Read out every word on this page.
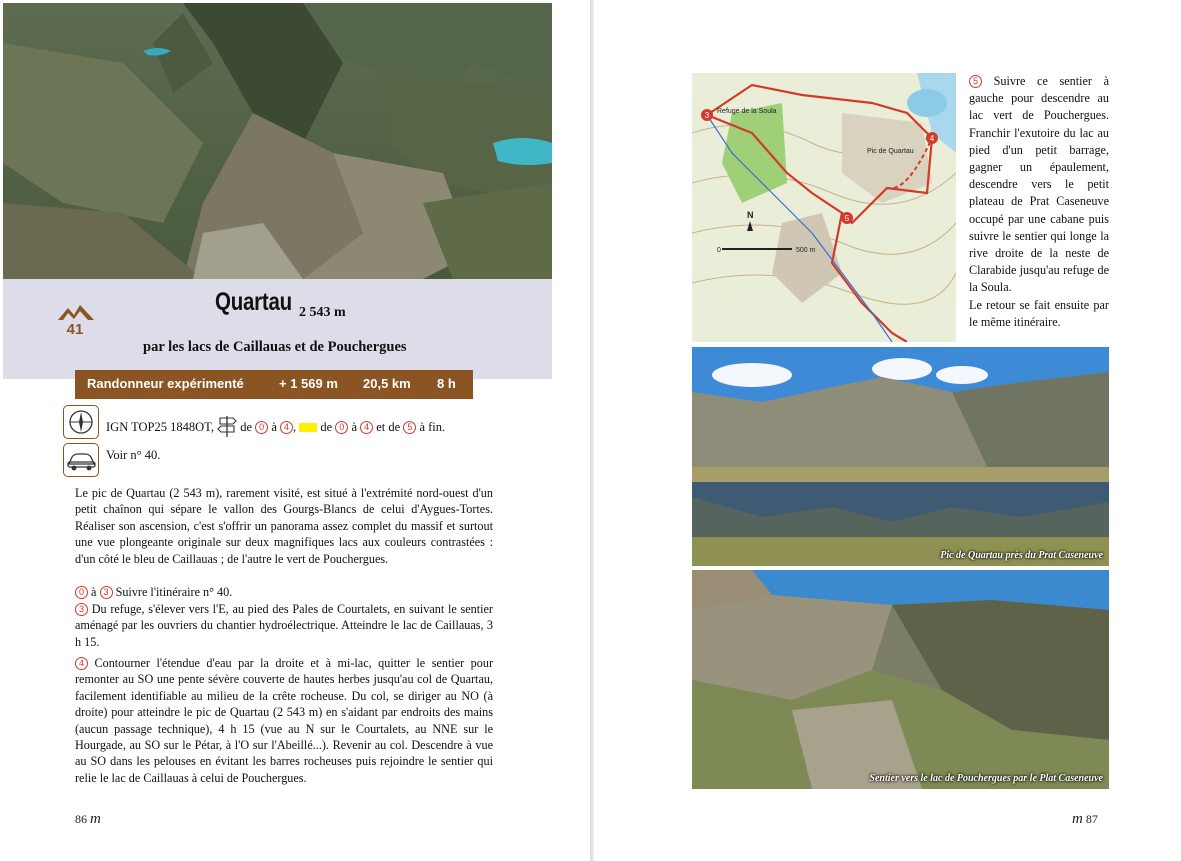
41
Quartau 2 543 m
par les lacs de Caillauas et de Pouchergues
Randonneur expérimenté	+ 1 569 m 20,5 km 8 h
IGN TOP25 1848OT, de 0 à 4 , de 0 à 4 et de 5 à fin.
Voir n° 40.
Le pic de Quartau (2 543 m), rarement visité, est situé à l'extrémité nord-ouest d'un petit chaînon qui sépare le vallon des Gourgs-Blancs de celui d'Aygues-Tortes. Réaliser son ascension, c'est s'offrir un panorama assez complet du massif et surtout une vue plongeante originale sur deux magnifiques lacs aux couleurs contrastées : d'un côté le bleu de Caillauas ; de l'autre le vert de Pouchergues.
0 à 3 Suivre l'itinéraire n° 40.
3 Du refuge, s'élever vers l'E, au pied des Pales de Courtalets, en suivant le sentier aménagé par les ouvriers du chantier hydroélectrique. Atteindre le lac de Caillauas, 3 h 15.
4 Contourner l'étendue d'eau par la droite et à mi-lac, quitter le sentier pour remonter au SO une pente sévère couverte de hautes herbes jusqu'au col de Quartau, facilement identifiable au milieu de la crête rocheuse. Du col, se diriger au NO (à droite) pour atteindre le pic de Quartau (2 543 m) en s'aidant par endroits des mains (aucun passage technique), 4 h 15 (vue au N sur le Courtalets, au NNE sur le Hourgade, au SO sur le Pétar, à l'O sur l'Abeillé...). Revenir au col. Descendre à vue au SO dans les pelouses en évitant les barres rocheuses puis rejoindre le sentier qui relie le lac de Caillauas à celui de Pouchergues.
86 m
3
4
5
Refuge de la Soula
Pic de Quartau
N
0	500 m
5 Suivre ce sentier à gauche pour descendre au lac vert de Pouchergues. Franchir l'exutoire du lac au pied d'un petit barrage, gagner un épaulement, descendre vers le petit plateau de Prat Caseneuve occupé par une cabane puis suivre le sentier qui longe la rive droite de la neste de Clarabide jusqu'au refuge de la Soula.
Le retour se fait ensuite par le même itinéraire.
Pic de Quartau près du Prat Caseneuve
Sentier vers le lac de Pouchergues par le Plat Caseneuve
m 87
